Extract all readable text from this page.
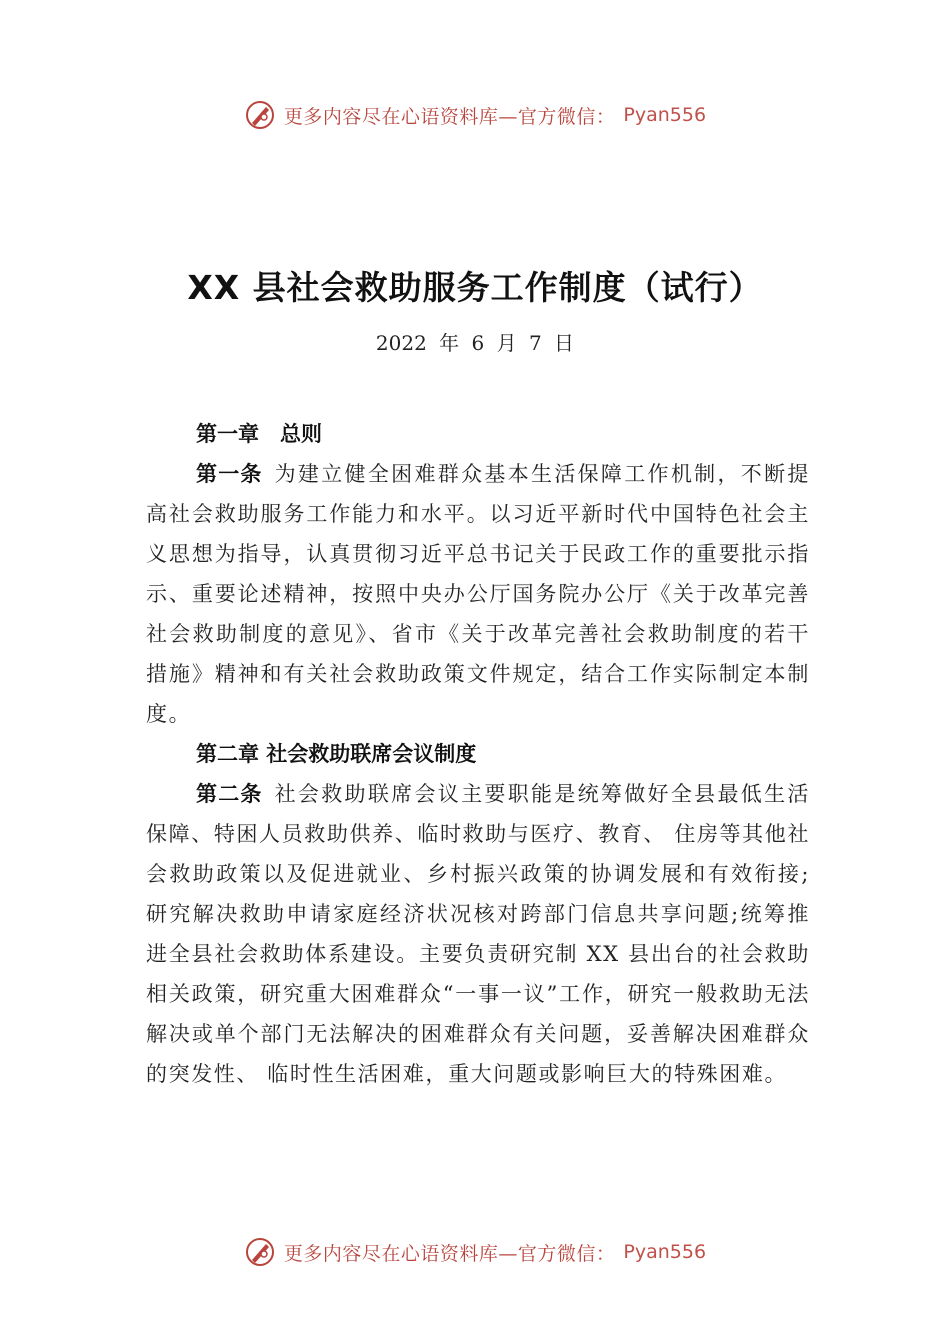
更多内容尽在心语资料库—官方微信： Pyan556
XX 县社会救助服务工作制度（试行）
2022 年 6 月 7 日
第一章　总则

第一条 为建立健全困难群众基本生活保障工作机制，不断提高社会救助服务工作能力和水平。以习近平新时代中国特色社会主义思想为指导，认真贯彻习近平总书记关于民政工作的重要批示指示、重要论述精神，按照中央办公厅国务院办公厅《关于改革完善社会救助制度的意见》、省市《关于改革完善社会救助制度的若干措施》精神和有关社会救助政策文件规定，结合工作实际制定本制度。

第二章 社会救助联席会议制度

第二条 社会救助联席会议主要职能是统筹做好全县最低生活保障、特困人员救助供养、临时救助与医疗、教育、 住房等其他社会救助政策以及促进就业、乡村振兴政策的协调发展和有效衔接;研究解决救助申请家庭经济状况核对跨部门信息共享问题;统筹推进全县社会救助体系建设。主要负责研究制 XX 县出台的社会救助相关政策，研究重大困难群众“一事一议”工作，研究一般救助无法解决或单个部门无法解决的困难群众有关问题，妥善解决困难群众的突发性、 临时性生活困难，重大问题或影响巨大的特殊困难。

更多内容尽在心语资料库—官方微信： Pyan556
